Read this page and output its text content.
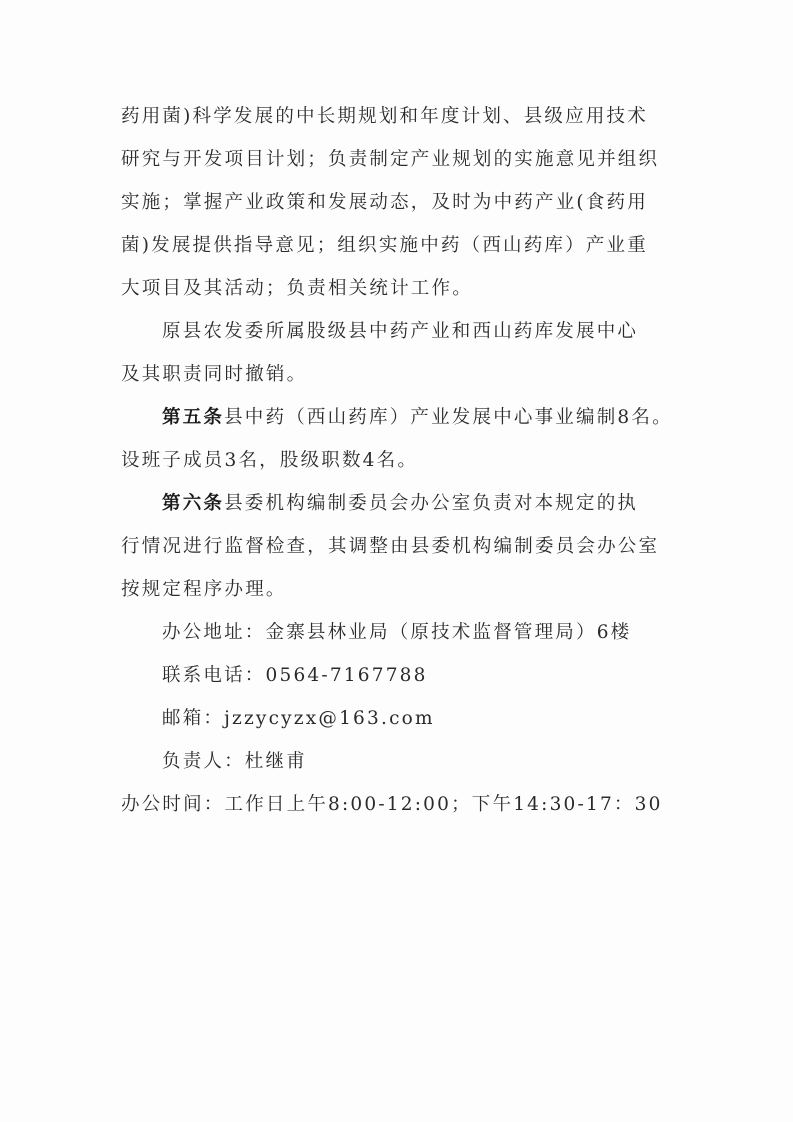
药用菌)科学发展的中长期规划和年度计划、县级应用技术
研究与开发项目计划；负责制定产业规划的实施意见并组织
实施；掌握产业政策和发展动态，及时为中药产业(食药用
菌)发展提供指导意见；组织实施中药（西山药库）产业重
大项目及其活动；负责相关统计工作。
原县农发委所属股级县中药产业和西山药库发展中心
及其职责同时撤销。
第五条县中药（西山药库）产业发展中心事业编制8名。
设班子成员3名，股级职数4名。
第六条县委机构编制委员会办公室负责对本规定的执
行情况进行监督检查，其调整由县委机构编制委员会办公室
按规定程序办理。
办公地址：金寨县林业局（原技术监督管理局）6楼
联系电话：0564-7167788
邮箱：jzzycyzx@163.com
负责人：杜继甫
办公时间：工作日上午8:00-12:00；下午14:30-17：30
